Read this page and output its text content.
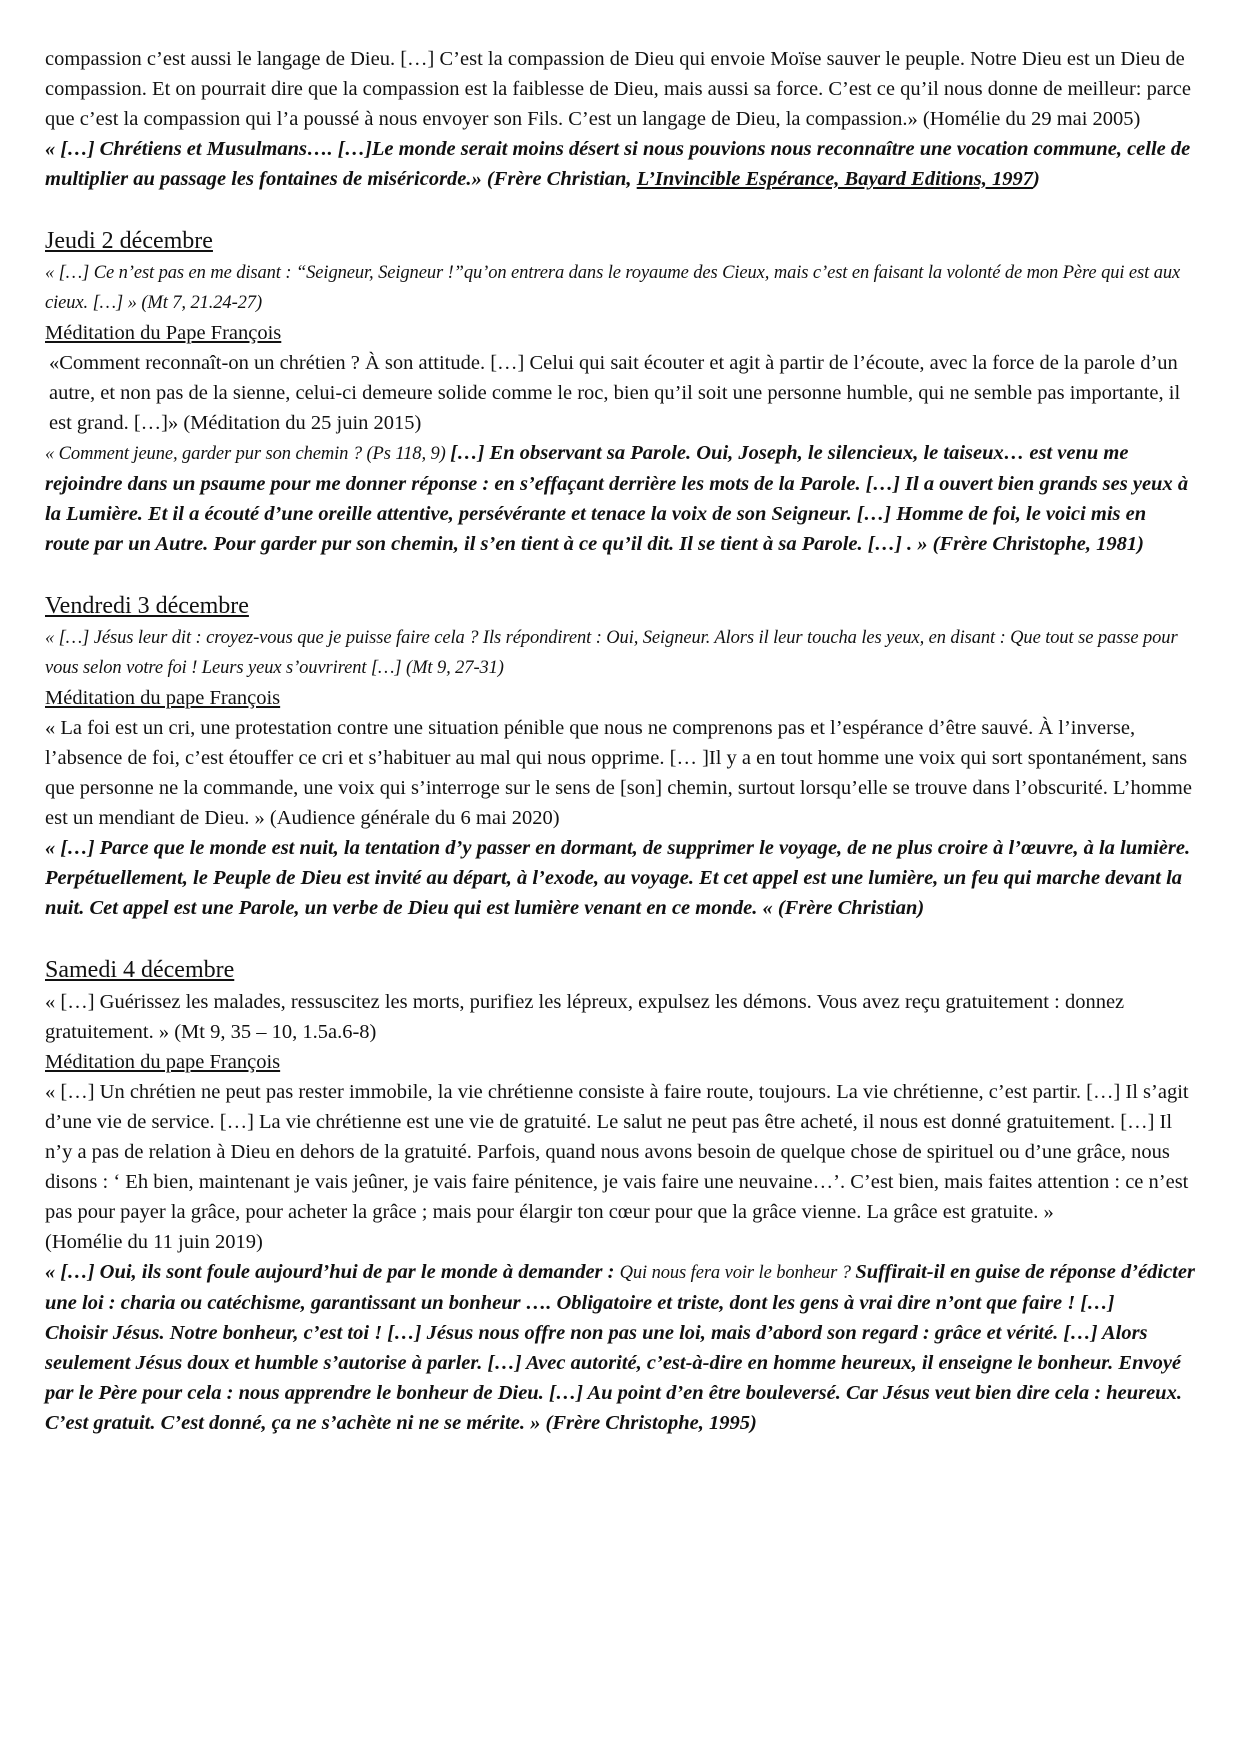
compassion c’est aussi le langage de Dieu. […] C’est la compassion de Dieu qui envoie Moïse sauver le peuple. Notre Dieu est un Dieu de compassion. Et on pourrait dire que la compassion est la faiblesse de Dieu, mais aussi sa force. C’est ce qu’il nous donne de meilleur: parce que c’est la compassion qui l’a poussé à nous envoyer son Fils. C’est un langage de Dieu, la compassion.» (Homélie du 29 mai 2005)

« […] Chrétiens et Musulmans…. […]Le monde serait moins désert si nous pouvions nous reconnaître une vocation commune, celle de multiplier au passage les fontaines de miséricorde.» (Frère Christian, L’Invincible Espérance, Bayard Editions, 1997)

Jeudi 2 décembre

« […] Ce n’est pas en me disant : “Seigneur, Seigneur !”qu’on entrera dans le royaume des Cieux, mais c’est en faisant la volonté de mon Père qui est aux cieux. […] » (Mt 7, 21.24-27)

Méditation du Pape François

«Comment reconnaît-on un chrétien ? À son attitude. […] Celui qui sait écouter et agit à partir de l’écoute, avec la force de la parole d’un autre, et non pas de la sienne, celui-ci demeure solide comme le roc, bien qu’il soit une personne humble, qui ne semble pas importante, il est grand. […]» (Méditation du 25 juin 2015)

« Comment jeune, garder pur son chemin ? (Ps 118, 9) […] En observant sa Parole. Oui, Joseph, le silencieux, le taiseux… est venu me rejoindre dans un psaume pour me donner réponse : en s’effaçant derrière les mots de la Parole. […] Il a ouvert bien grands ses yeux à la Lumière. Et il a écouté d’une oreille attentive, persévérante et tenace la voix de son Seigneur. […] Homme de foi, le voici mis en route par un Autre. Pour garder pur son chemin, il s’en tient à ce qu’il dit. Il se tient à sa Parole. […] . » (Frère Christophe, 1981)

Vendredi 3 décembre

« […] Jésus leur dit : croyez-vous que je puisse faire cela ? Ils répondirent : Oui, Seigneur. Alors il leur toucha les yeux, en disant : Que tout se passe pour vous selon votre foi ! Leurs yeux s’ouvrirent […] (Mt 9, 27-31)

Méditation du pape François

« La foi est un cri, une protestation contre une situation pénible que nous ne comprenons pas et l’espérance d’être sauvé. À l’inverse, l’absence de foi, c’est étouffer ce cri et s’habituer au mal qui nous opprime. [… ]Il y a en tout homme une voix qui sort spontanément, sans que personne ne la commande, une voix qui s’interroge sur le sens de [son] chemin, surtout lorsqu’elle se trouve dans l’obscurité. L’homme est un mendiant de Dieu. » (Audience générale du 6 mai 2020)

« […] Parce que le monde est nuit, la tentation d’y passer en dormant, de supprimer le voyage, de ne plus croire à l’œuvre, à la lumière. Perpétuellement, le Peuple de Dieu est invité au départ, à l’exode, au voyage. Et cet appel est une lumière, un feu qui marche devant la nuit. Cet appel est une Parole, un verbe de Dieu qui est lumière venant en ce monde. « (Frère Christian)

Samedi 4 décembre

« […] Guérissez les malades, ressuscitez les morts, purifiez les lépreux, expulsez les démons. Vous avez reçu gratuitement : donnez gratuitement. » (Mt 9, 35 – 10, 1.5a.6-8)

Méditation du pape François

« […] Un chrétien ne peut pas rester immobile, la vie chrétienne consiste à faire route, toujours. La vie chrétienne, c’est partir. […] Il s’agit d’une vie de service. […] La vie chrétienne est une vie de gratuité. Le salut ne peut pas être acheté, il nous est donné gratuitement. […] Il n’y a pas de relation à Dieu en dehors de la gratuité. Parfois, quand nous avons besoin de quelque chose de spirituel ou d’une grâce, nous disons : ‘ Eh bien, maintenant je vais jeûner, je vais faire pénitence, je vais faire une neuvaine…’. C’est bien, mais faites attention : ce n’est pas pour payer la grâce, pour acheter la grâce ; mais pour élargir ton cœur pour que la grâce vienne. La grâce est gratuite. »

(Homélie du 11 juin 2019)

« […] Oui, ils sont foule aujourd’hui de par le monde à demander : Qui nous fera voir le bonheur ? Suffirait-il en guise de réponse d’édicter une loi : charia ou catéchisme, garantissant un bonheur …. Obligatoire et triste, dont les gens à vrai dire n’ont que faire ! […]

Choisir Jésus. Notre bonheur, c’est toi ! […] Jésus nous offre non pas une loi, mais d’abord son regard : grâce et vérité. […] Alors seulement Jésus doux et humble s’autorise à parler. […] Avec autorité, c’est-à-dire en homme heureux, il enseigne le bonheur. Envoyé par le Père pour cela : nous apprendre le bonheur de Dieu. […] Au point d’en être bouleversé. Car Jésus veut bien dire cela : heureux. C’est gratuit. C’est donné, ça ne s’achète ni ne se mérite. » (Frère Christophe, 1995)
